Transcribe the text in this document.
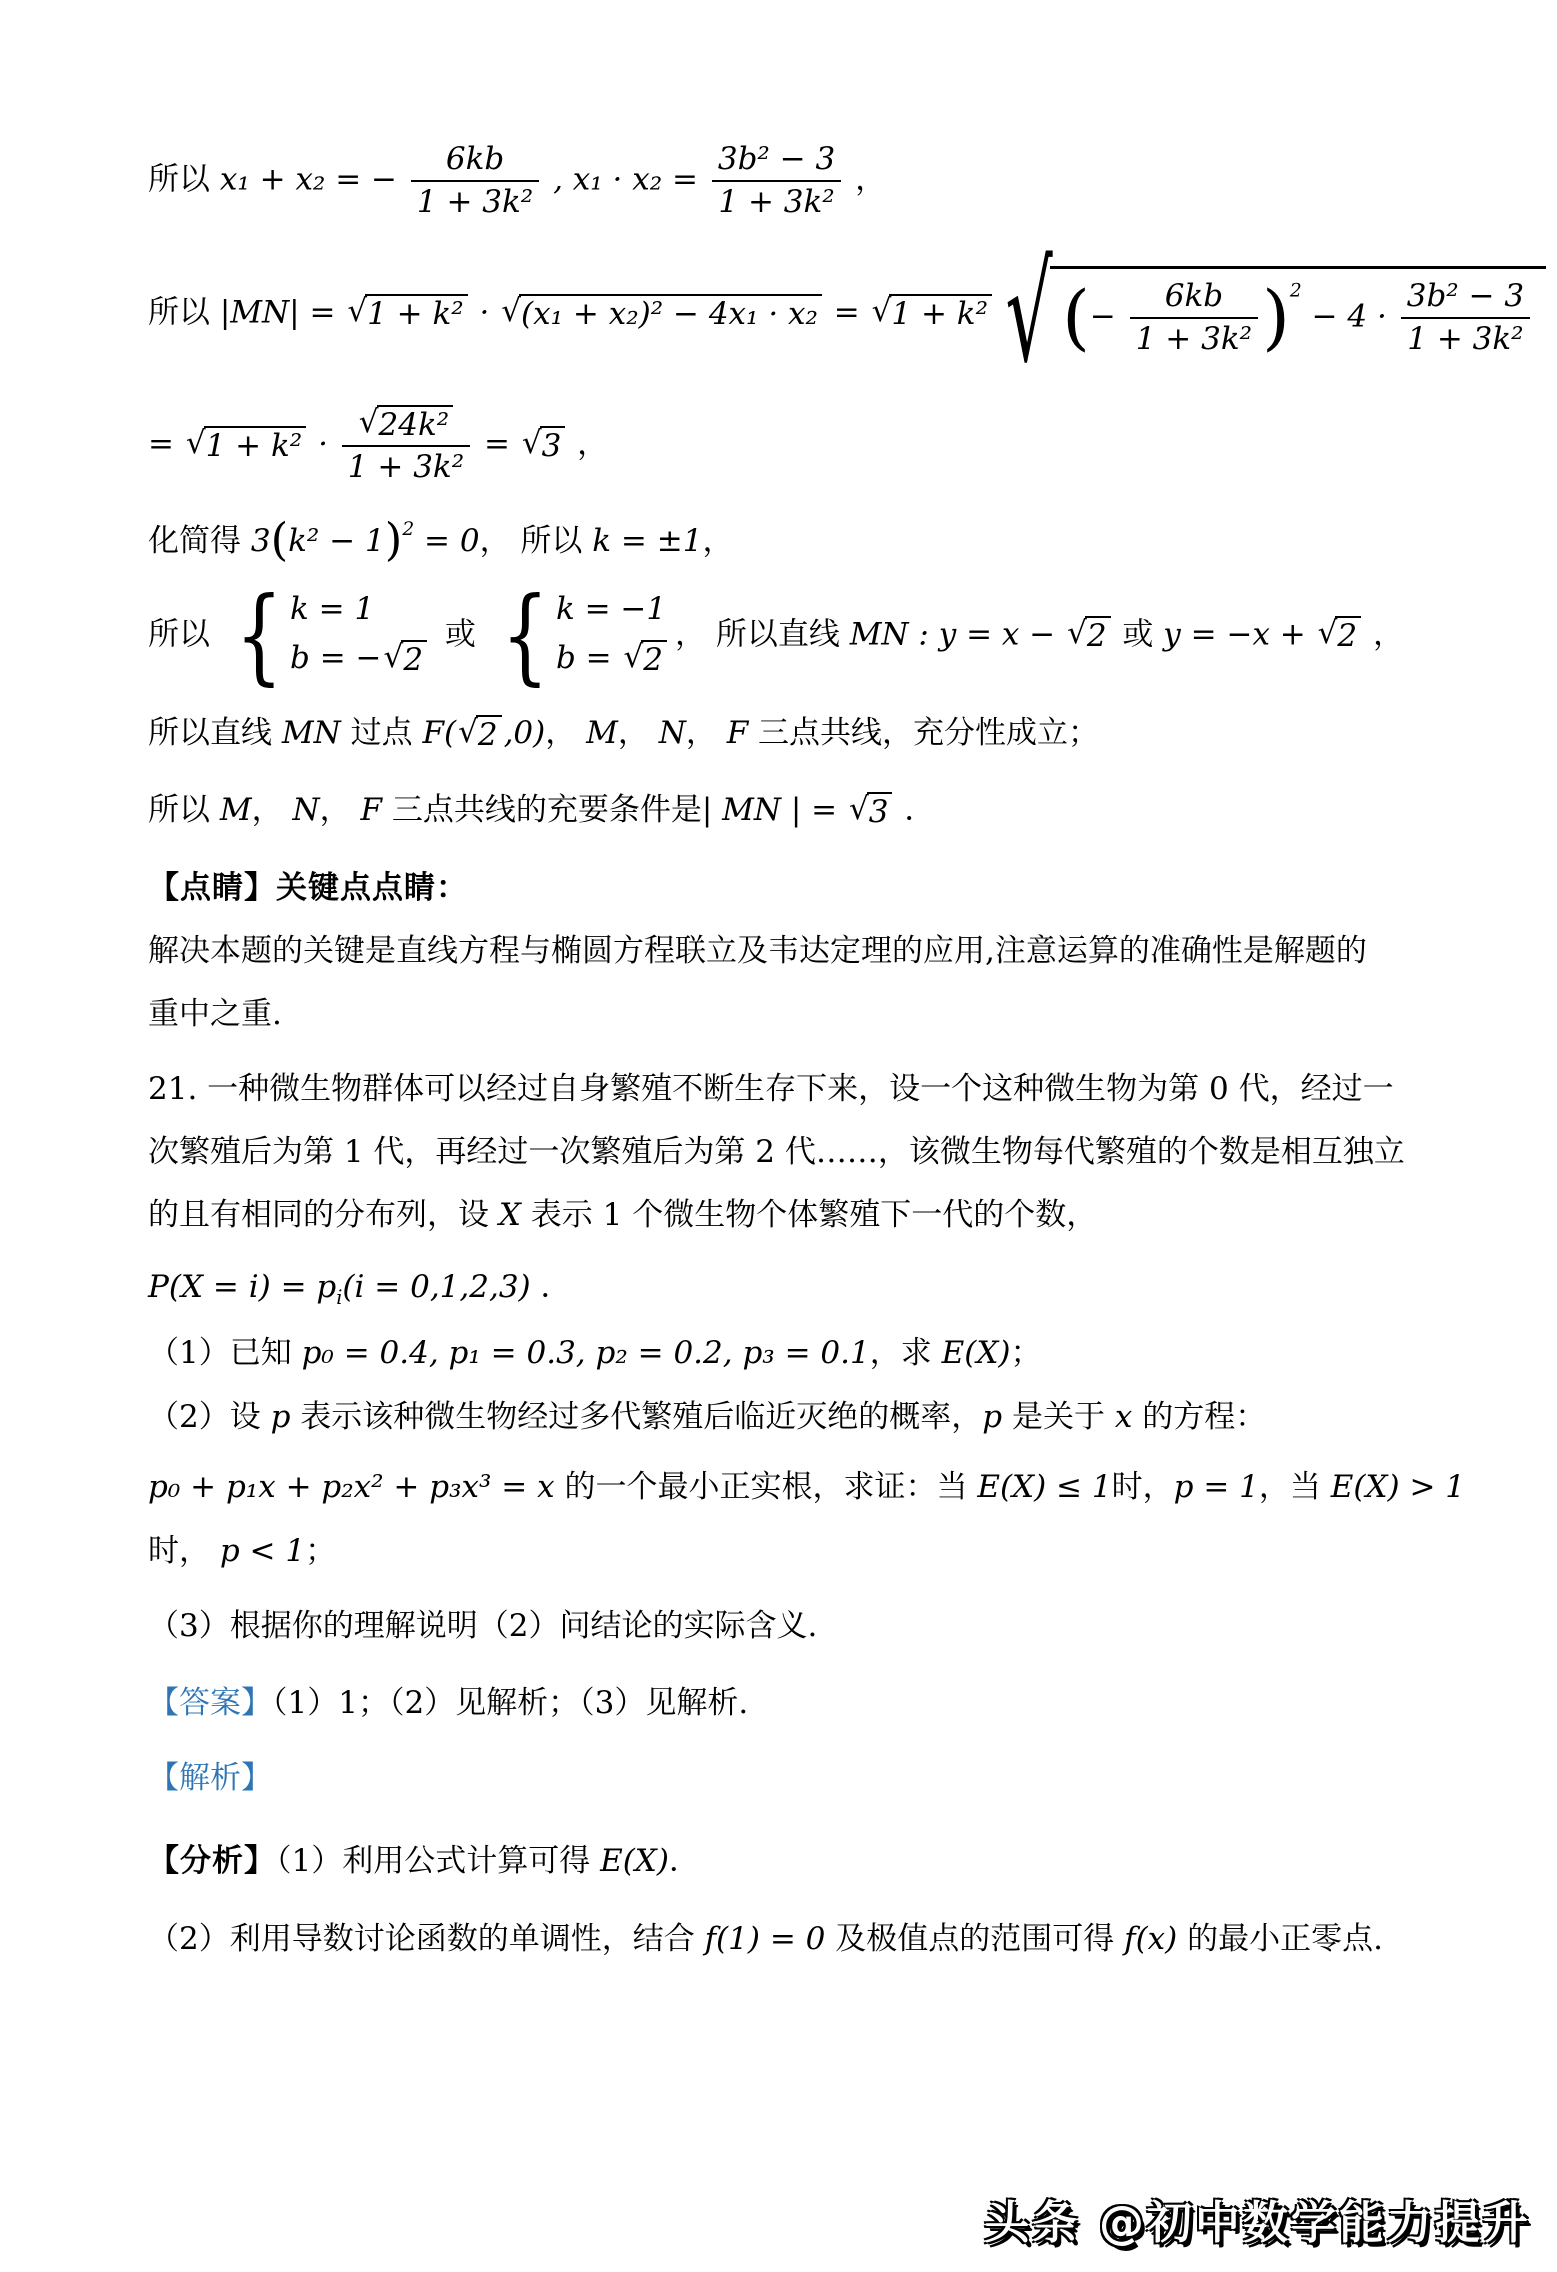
所以 x₁ + x₂ = − $\frac{6kb}{\text{1 + 3k²}}$ , $x_1 \cdot x_2 = \frac{\text{3b² − 3}}{\text{1 + 3k²}}$ ，
所以 |MN| = √ 1 + k² · √ (x₁ + x₂)² − 4x₁ · x₂ = √ 1 + k² √ (− $\frac{6kb}{\text{1 + 3k²}} )^2 - 4 \cdot \frac{\text{3b² − 3}}{\text{1 + 3k²}}$
= √ 1 + k² · √ $\frac{\text{24k²}}{\text{1 + 3k²}}$ = √ 3 ，
化简得 $3(k^2 - 1)^2 = 0$， 所以 k = ±1，
所以
{
k = 1
b = − √ 2
或
{
k = −1
b = √ 2
， 所以直线 MN : y = x − √ 2 或 y = −x + √ 2 ，
所以直线 MN 过点 F( √ 2 ,0)， M， N， F 三点共线，充分性成立；
所以 M， N， F 三点共线的充要条件是| MN | = √ 3 ．
【点睛】关键点点睛：
解决本题的关键是直线方程与椭圆方程联立及韦达定理的应用,注意运算的准确性是解题的
重中之重.
21. 一种微生物群体可以经过自身繁殖不断生存下来，设一个这种微生物为第 0 代，经过一
次繁殖后为第 1 代，再经过一次繁殖后为第 2 代……，该微生物每代繁殖的个数是相互独立
的且有相同的分布列，设 X 表示 1 个微生物个体繁殖下一代的个数，
$P(X = i) = p_i(i = 0,1,2,3)$ ．
（1）已知 p₀ = 0.4, p₁ = 0.3, p₂ = 0.2, p₃ = 0.1，求 E(X)；
（2）设 p 表示该种微生物经过多代繁殖后临近灭绝的概率，p 是关于 x 的方程：
p₀ + p₁x + p₂x² + p₃x³ = x 的一个最小正实根，求证：当 E(X) ≤ 1时，p = 1，当 E(X) > 1
时， p < 1；
（3）根据你的理解说明（2）问结论的实际含义.
【答案】（1）1；（2）见解析；（3）见解析.
【解析】
【分析】（1）利用公式计算可得 E(X)．
（2）利用导数讨论函数的单调性，结合 f(1) = 0 及极值点的范围可得 f(x) 的最小正零点.
头条 @初中数学能力提升
